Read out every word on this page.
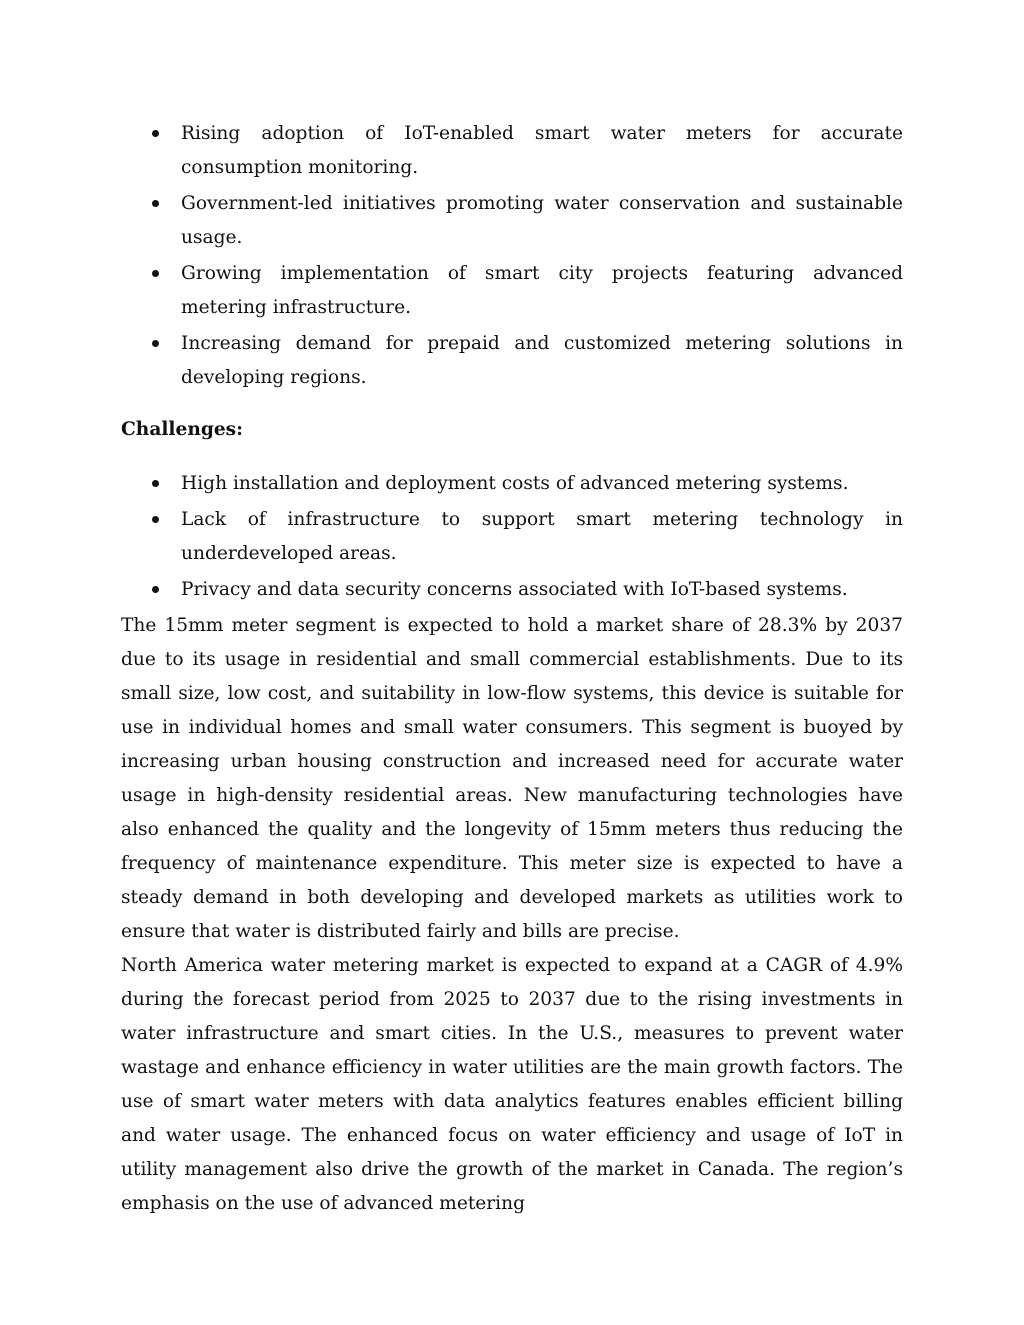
Rising adoption of IoT-enabled smart water meters for accurate consumption monitoring.
Government-led initiatives promoting water conservation and sustainable usage.
Growing implementation of smart city projects featuring advanced metering infrastructure.
Increasing demand for prepaid and customized metering solutions in developing regions.
Challenges:
High installation and deployment costs of advanced metering systems.
Lack of infrastructure to support smart metering technology in underdeveloped areas.
Privacy and data security concerns associated with IoT-based systems.

The 15mm meter segment is expected to hold a market share of 28.3% by 2037 due to its usage in residential and small commercial establishments. Due to its small size, low cost, and suitability in low-flow systems, this device is suitable for use in individual homes and small water consumers. This segment is buoyed by increasing urban housing construction and increased need for accurate water usage in high-density residential areas. New manufacturing technologies have also enhanced the quality and the longevity of 15mm meters thus reducing the frequency of maintenance expenditure. This meter size is expected to have a steady demand in both developing and developed markets as utilities work to ensure that water is distributed fairly and bills are precise.

North America water metering market is expected to expand at a CAGR of 4.9% during the forecast period from 2025 to 2037 due to the rising investments in water infrastructure and smart cities. In the U.S., measures to prevent water wastage and enhance efficiency in water utilities are the main growth factors. The use of smart water meters with data analytics features enables efficient billing and water usage. The enhanced focus on water efficiency and usage of IoT in utility management also drive the growth of the market in Canada. The region’s emphasis on the use of advanced metering
